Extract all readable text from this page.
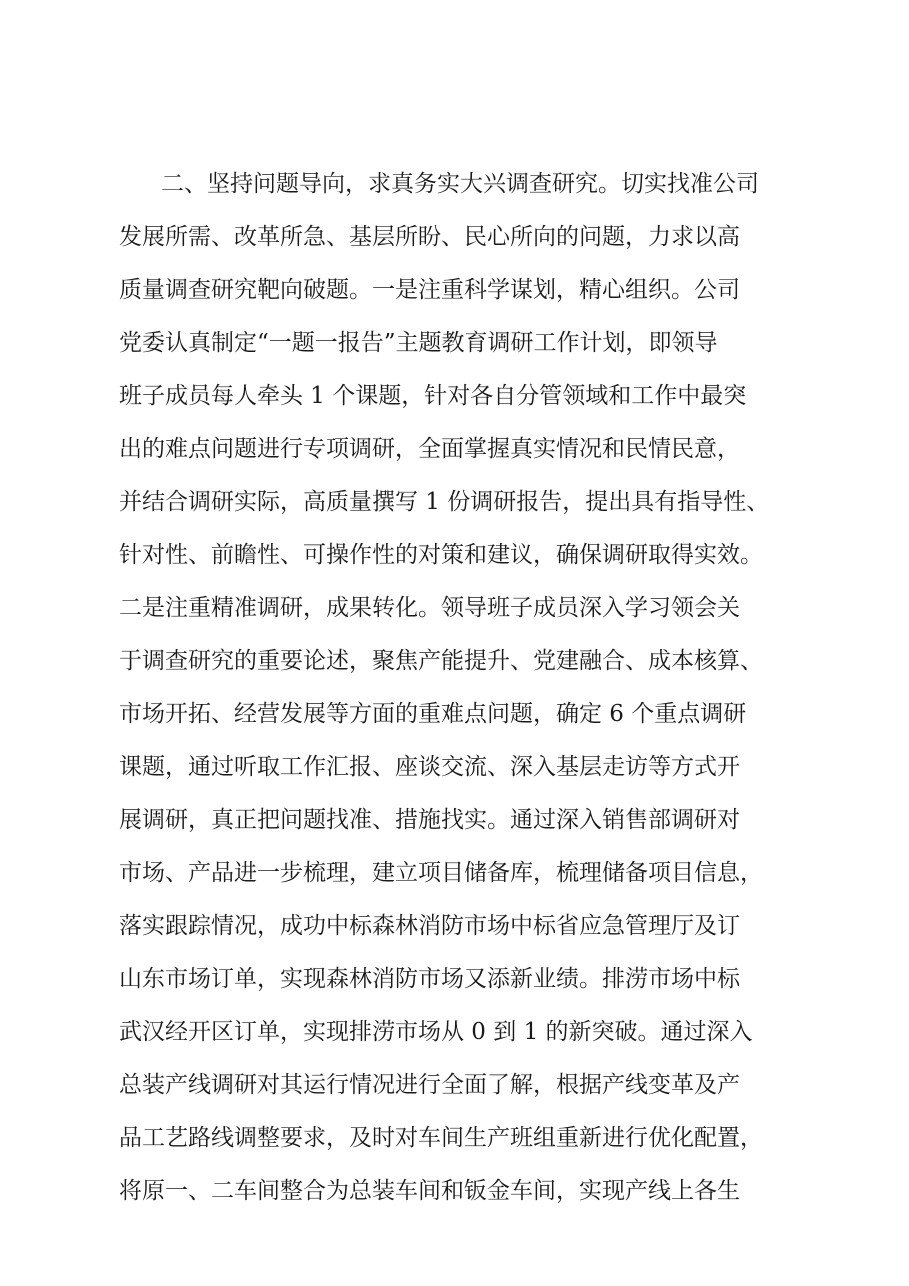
二、坚持问题导向，求真务实大兴调查研究。切实找准公司
发展所需、改革所急、基层所盼、民心所向的问题，力求以高
质量调查研究靶向破题。一是注重科学谋划，精心组织。公司
党委认真制定“一题一报告”主题教育调研工作计划，即领导
班子成员每人牵头 1 个课题，针对各自分管领域和工作中最突
出的难点问题进行专项调研，全面掌握真实情况和民情民意，
并结合调研实际，高质量撰写 1 份调研报告，提出具有指导性、
针对性、前瞻性、可操作性的对策和建议，确保调研取得实效。
二是注重精准调研，成果转化。领导班子成员深入学习领会关
于调查研究的重要论述，聚焦产能提升、党建融合、成本核算、
市场开拓、经营发展等方面的重难点问题，确定 6 个重点调研
课题，通过听取工作汇报、座谈交流、深入基层走访等方式开
展调研，真正把问题找准、措施找实。通过深入销售部调研对
市场、产品进一步梳理，建立项目储备库，梳理储备项目信息，
落实跟踪情况，成功中标森林消防市场中标省应急管理厅及订
山东市场订单，实现森林消防市场又添新业绩。排涝市场中标
武汉经开区订单，实现排涝市场从 0 到 1 的新突破。通过深入
总装产线调研对其运行情况进行全面了解，根据产线变革及产
品工艺路线调整要求，及时对车间生产班组重新进行优化配置，
将原一、二车间整合为总装车间和钣金车间，实现产线上各生
